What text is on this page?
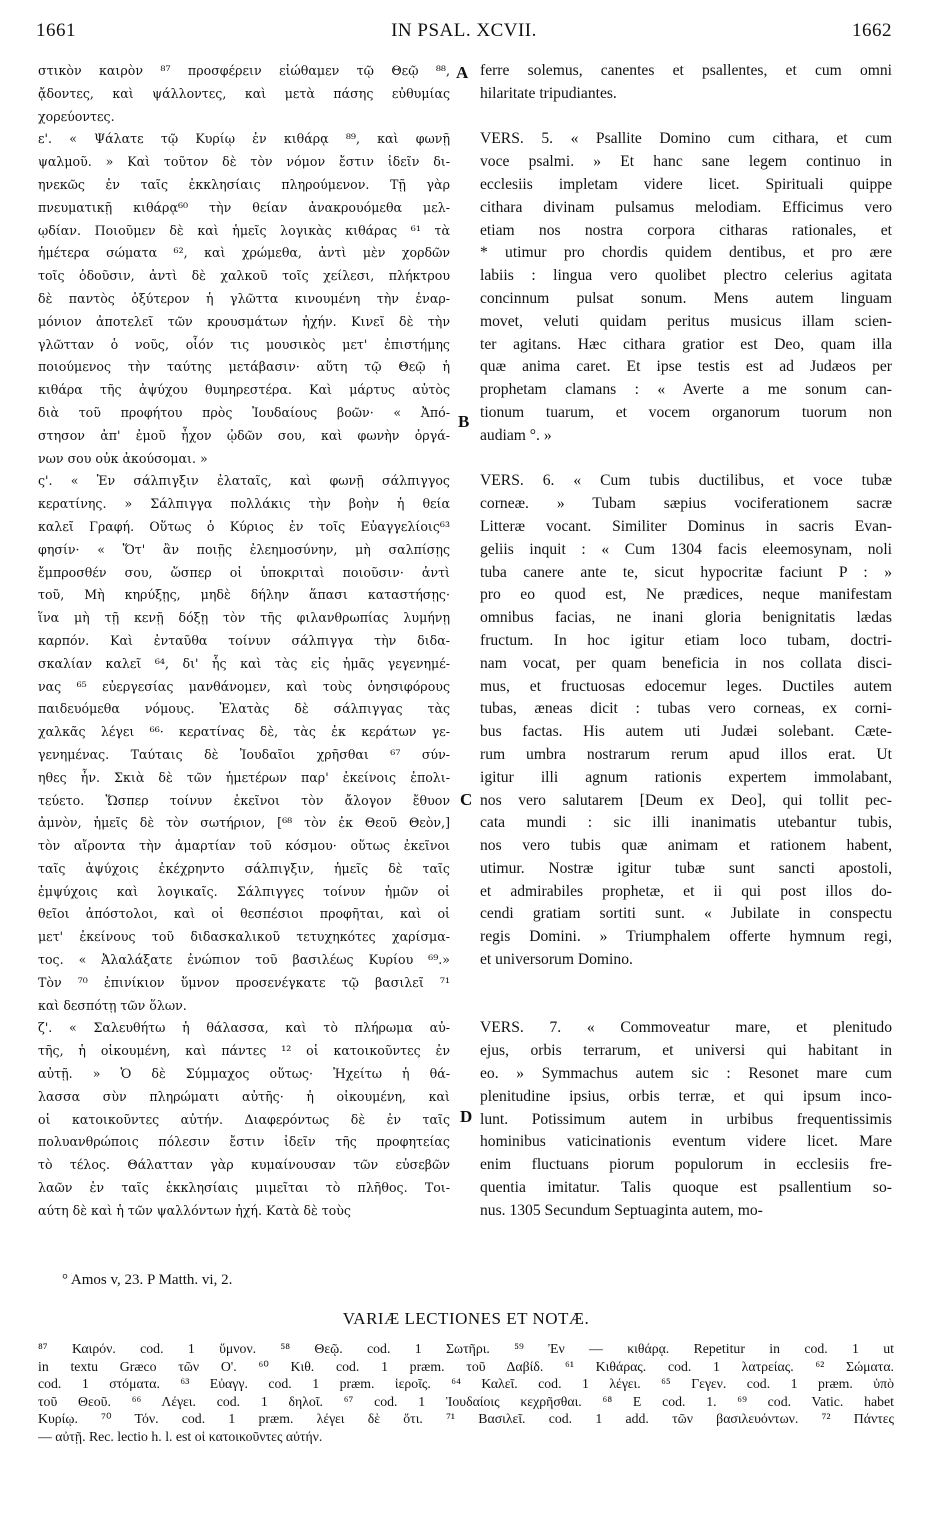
1661	IN PSAL. XCVII.	1662
A
B
C
D
στικὸν καιρὸν ⁸⁷ προσφέρειν εἰώθαμεν τῷ Θεῷ ⁸⁸,
ᾄδοντες, καὶ ψάλλοντες, καὶ μετὰ πάσης εὐθυμίας
χορεύοντες.
ε'. « Ψάλατε τῷ Κυρίῳ ἐν κιθάρᾳ ⁸⁹, καὶ φωνῇ
ψαλμοῦ. » Καὶ τοῦτον δὲ τὸν νόμον ἔστιν ἰδεῖν δι-
ηνεκῶς ἐν ταῖς ἐκκλησίαις πληρούμενον. Τῇ γὰρ
πνευματικῇ κιθάρᾳ⁶⁰ τὴν θείαν ἀνακρουόμεθα μελ-
ῳδίαν. Ποιοῦμεν δὲ καὶ ἡμεῖς λογικὰς κιθάρας ⁶¹ τὰ
ἡμέτερα σώματα ⁶², καὶ χρώμεθα, ἀντὶ μὲν χορδῶν
τοῖς ὀδοῦσιν, ἀντὶ δὲ χαλκοῦ τοῖς χείλεσι, πλήκτρου
δὲ παντὸς ὀξύτερον ἡ γλῶττα κινουμένη τὴν ἐναρ-
μόνιον ἀποτελεῖ τῶν κρουσμάτων ἠχήν. Κινεῖ δὲ τὴν
γλῶτταν ὁ νοῦς, οἷόν τις μουσικὸς μετ' ἐπιστήμης
ποιούμενος τὴν ταύτης μετάβασιν· αὕτη τῷ Θεῷ ἡ
κιθάρα τῆς ἀψύχου θυμηρεστέρα. Καὶ μάρτυς αὐτὸς
διὰ τοῦ προφήτου πρὸς Ἰουδαίους βοῶν· « Ἀπό-
στησον ἀπ' ἐμοῦ ἦχον ᾠδῶν σου, καὶ φωνὴν ὀργά-
νων σου οὐκ ἀκούσομαι. »
ς'. « Ἐν σάλπιγξιν ἐλαταῖς, καὶ φωνῇ σάλπιγγος
κερατίνης. » Σάλπιγγα πολλάκις τὴν βοὴν ἡ θεία
καλεῖ Γραφή. Οὕτως ὁ Κύριος ἐν τοῖς Εὐαγγελίοις⁶³
φησίν· « Ὅτ' ἂν ποιῇς ἐλεημοσύνην, μὴ σαλπίσῃς
ἔμπροσθέν σου, ὥσπερ οἱ ὑποκριταὶ ποιοῦσιν· ἀντὶ
τοῦ, Μὴ κηρύξῃς, μηδὲ δήλην ἅπασι καταστήσῃς·
ἵνα μὴ τῇ κενῇ δόξῃ τὸν τῆς φιλανθρωπίας λυμήνῃ
καρπόν. Καὶ ἐνταῦθα τοίνυν σάλπιγγα τὴν διδα-
σκαλίαν καλεῖ ⁶⁴, δι' ἧς καὶ τὰς εἰς ἡμᾶς γεγενημέ-
νας ⁶⁵ εὐεργεσίας μανθάνομεν, καὶ τοὺς ὀνησιφόρους
παιδευόμεθα νόμους. Ἐλατὰς δὲ σάλπιγγας τὰς
χαλκᾶς λέγει ⁶⁶· κερατίνας δὲ, τὰς ἐκ κεράτων γε-
γενημένας. Ταύταις δὲ Ἰουδαῖοι χρῆσθαι ⁶⁷ σύν-
ηθες ἦν. Σκιὰ δὲ τῶν ἡμετέρων παρ' ἐκείνοις ἐπολι-
τεύετο. Ὥσπερ τοίνυν ἐκεῖνοι τὸν ἄλογον ἔθυον
ἀμνὸν, ἡμεῖς δὲ τὸν σωτήριον, [⁶⁸ τὸν ἐκ Θεοῦ Θεὸν,]
τὸν αἴροντα τὴν ἁμαρτίαν τοῦ κόσμου· οὕτως ἐκεῖνοι
ταῖς ἀψύχοις ἐκέχρηντο σάλπιγξιν, ἡμεῖς δὲ ταῖς
ἐμψύχοις καὶ λογικαῖς. Σάλπιγγες τοίνυν ἡμῶν οἱ
θεῖοι ἀπόστολοι, καὶ οἱ θεσπέσιοι προφῆται, καὶ οἱ
μετ' ἐκείνους τοῦ διδασκαλικοῦ τετυχηκότες χαρίσμα-
τος. « Ἀλαλάξατε ἐνώπιον τοῦ βασιλέως Κυρίου ⁶⁹.»
Τὸν ⁷⁰ ἐπινίκιον ὕμνον προσενέγκατε τῷ βασιλεῖ ⁷¹
καὶ δεσπότῃ τῶν ὅλων.
ζ'. « Σαλευθήτω ἡ θάλασσα, καὶ τὸ πλήρωμα αὐ-
τῆς, ἡ οἰκουμένη, καὶ πάντες ¹² οἱ κατοικοῦντες ἐν
αὐτῇ. » Ὁ δὲ Σύμμαχος οὕτως· Ἠχείτω ἡ θά-
λασσα σὺν πληρώματι αὐτῆς· ἡ οἰκουμένη, καὶ
οἱ κατοικοῦντες αὐτήν. Διαφερόντως δὲ ἐν ταῖς
πολυανθρώποις πόλεσιν ἔστιν ἰδεῖν τῆς προφητείας
τὸ τέλος. Θάλατταν γὰρ κυμαίνουσαν τῶν εὐσεβῶν
λαῶν ἐν ταῖς ἐκκλησίαις μιμεῖται τὸ πλῆθος. Τοι-
αύτη δὲ καὶ ἡ τῶν ψαλλόντων ἠχή. Κατὰ δὲ τοὺς
ferre solemus, canentes et psallentes, et cum omni
hilaritate tripudiantes.
VERS. 5. « Psallite Domino cum cithara, et cum
voce psalmi. » Et hanc sane legem continuo in
ecclesiis impletam videre licet. Spirituali quippe
cithara divinam pulsamus melodiam. Efficimus vero
etiam nos nostra corpora citharas rationales, et
* utimur pro chordis quidem dentibus, et pro ære
labiis : lingua vero quolibet plectro celerius agitata
concinnum pulsat sonum. Mens autem linguam
movet, veluti quidam peritus musicus illam scien-
ter agitans. Hæc cithara gratior est Deo, quam illa
quæ anima caret. Et ipse testis est ad Judæos per
prophetam clamans : « Averte a me sonum can-
tionum tuarum, et vocem organorum tuorum non
audiam °. »
VERS. 6. « Cum tubis ductilibus, et voce tubæ
corneæ. » Tubam sæpius vociferationem sacræ
Litteræ vocant. Similiter Dominus in sacris Evan-
geliis inquit : « Cum 1304 facis eleemosynam, noli
tuba canere ante te, sicut hypocritæ faciunt P : »
pro eo quod est, Ne prædices, neque manifestam
omnibus facias, ne inani gloria benignitatis lædas
fructum. In hoc igitur etiam loco tubam, doctri-
nam vocat, per quam beneficia in nos collata disci-
mus, et fructuosas edocemur leges. Ductiles autem
tubas, æneas dicit : tubas vero corneas, ex corni-
bus factas. His autem uti Judæi solebant. Cæte-
rum umbra nostrarum rerum apud illos erat. Ut
igitur illi agnum rationis expertem immolabant,
nos vero salutarem [Deum ex Deo], qui tollit pec-
cata mundi : sic illi inanimatis utebantur tubis,
nos vero tubis quæ animam et rationem habent,
utimur. Nostræ igitur tubæ sunt sancti apostoli,
et admirabiles prophetæ, et ii qui post illos do-
cendi gratiam sortiti sunt. « Jubilate in conspectu
regis Domini. » Triumphalem offerte hymnum regi,
et universorum Domino.
VERS. 7. « Commoveatur mare, et plenitudo
ejus, orbis terrarum, et universi qui habitant in
eo. » Symmachus autem sic : Resonet mare cum
plenitudine ipsius, orbis terræ, et qui ipsum inco-
lunt. Potissimum autem in urbibus frequentissimis
hominibus vaticinationis eventum videre licet. Mare
enim fluctuans piorum populorum in ecclesiis fre-
quentia imitatur. Talis quoque est psallentium so-
nus. 1305 Secundum Septuaginta autem, mo-
° Amos v, 23. P Matth. vi, 2.
VARIÆ LECTIONES ET NOTÆ.
⁸⁷ Καιρόν. cod. 1 ὕμνον. ⁵⁸ Θεῷ. cod. 1 Σωτῆρι. ⁵⁹ Ἐν — κιθάρᾳ. Repetitur in cod. 1 ut
in textu Græco τῶν Ο'. ⁶⁰ Κιθ. cod. 1 præm. τοῦ Δαβίδ. ⁶¹ Κιθάρας. cod. 1 λατρείας. ⁶² Σώματα.
cod. 1 στόματα. ⁶³ Εὐαγγ. cod. 1 præm. ἱεροῖς. ⁶⁴ Καλεῖ. cod. 1 λέγει. ⁶⁵ Γεγεν. cod. 1 præm. ὑπὸ
τοῦ Θεοῦ. ⁶⁶ Λέγει. cod. 1 δηλοῖ. ⁶⁷ cod. 1 Ἰουδαίοις κεχρῆσθαι. ⁶⁸ E cod. 1. ⁶⁹ cod. Vatic. habet
Κυρίῳ. ⁷⁰ Τόν. cod. 1 præm. λέγει δὲ ὅτι. ⁷¹ Βασιλεῖ. cod. 1 add. τῶν βασιλευόντων. ⁷² Πάντες
— αὐτῇ. Rec. lectio h. l. est οἱ κατοικοῦντες αὐτήν.
